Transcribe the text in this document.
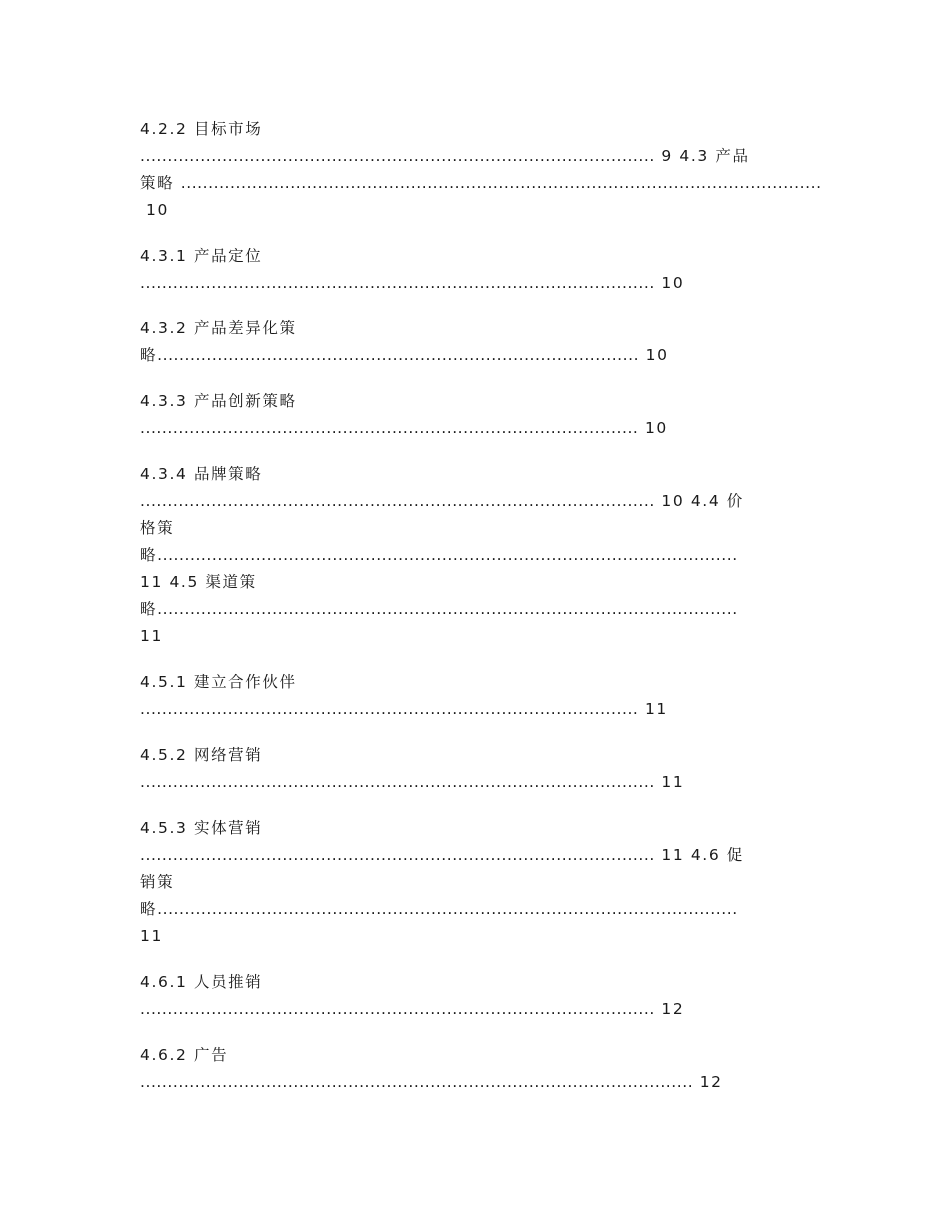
4.2.2 目标市场
.............................................................................................. 9 4.3 产品
策略 .....................................................................................................................
10
4.3.1 产品定位
.............................................................................................. 10
4.3.2 产品差异化策
略........................................................................................ 10
4.3.3 产品创新策略
........................................................................................... 10
4.3.4 品牌策略
.............................................................................................. 10 4.4 价
格策
略..........................................................................................................
11 4.5 渠道策
略..........................................................................................................
11
4.5.1 建立合作伙伴
........................................................................................... 11
4.5.2 网络营销
.............................................................................................. 11
4.5.3 实体营销
.............................................................................................. 11 4.6 促
销策
略..........................................................................................................
11
4.6.1 人员推销
.............................................................................................. 12
4.6.2 广告
..................................................................................................... 12
